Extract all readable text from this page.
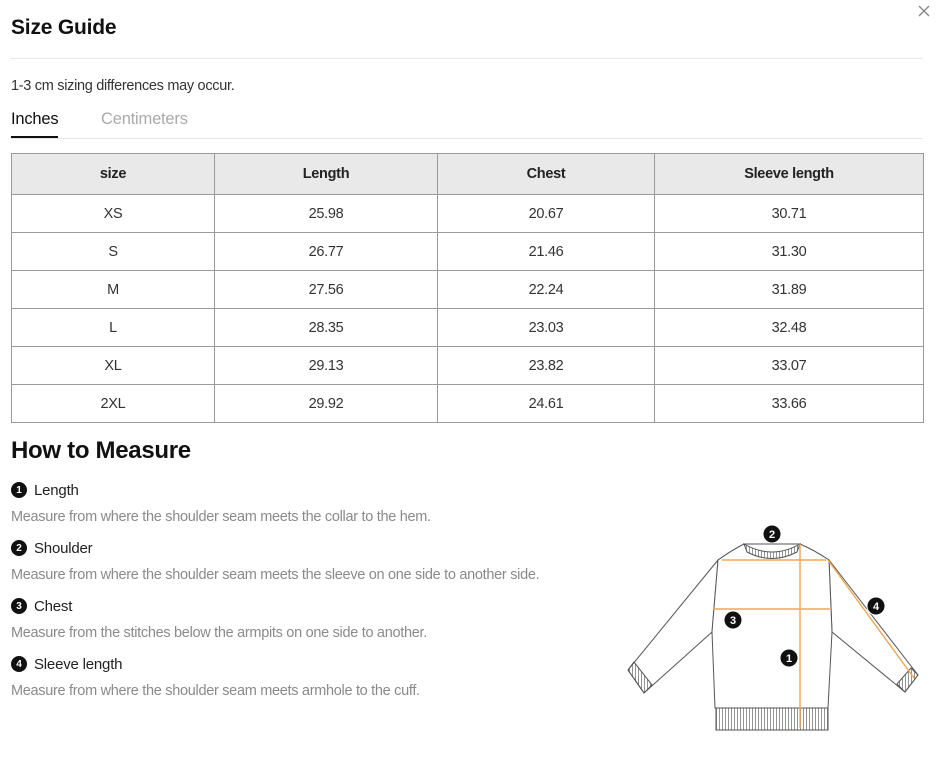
Size Guide
1-3 cm sizing differences may occur.
Inches	Centimeters
size	Length	Chest	Sleeve length
XS	25.98	20.67	30.71
S	26.77	21.46	31.30
M	27.56	22.24	31.89
L	28.35	23.03	32.48
XL	29.13	23.82	33.07
2XL	29.92	24.61	33.66
How to Measure
1 Length
Measure from where the shoulder seam meets the collar to the hem.
2 Shoulder
Measure from where the shoulder seam meets the sleeve on one side to another side.
3 Chest
Measure from the stitches below the armpits on one side to another.
4 Sleeve length
Measure from where the shoulder seam meets armhole to the cuff.
1
2
3
4
